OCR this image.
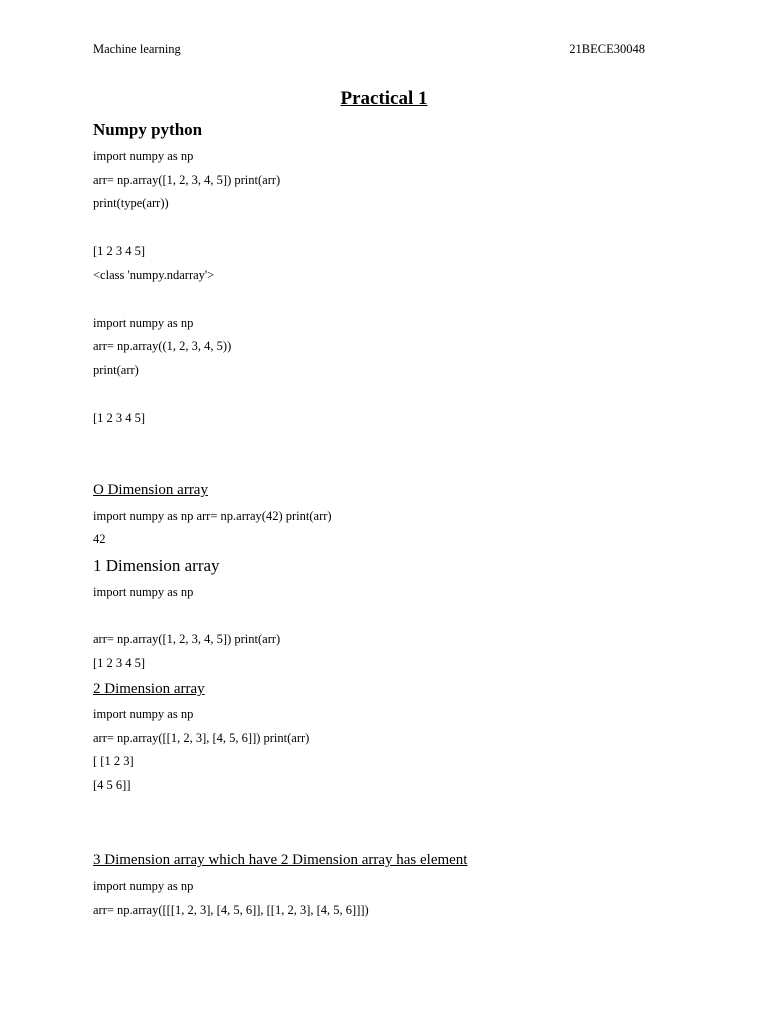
Machine learning	21BECE30048
Practical 1
Numpy python
import numpy as np
arr= np.array([1, 2, 3, 4, 5]) print(arr)
print(type(arr))
[1 2 3 4 5]
<class 'numpy.ndarray'>
import numpy as np
arr= np.array((1, 2, 3, 4, 5))
print(arr)
[1 2 3 4 5]
O Dimension array
import numpy as np arr= np.array(42) print(arr)
42
1 Dimension array
import numpy as np
arr= np.array([1, 2, 3, 4, 5]) print(arr)
[1 2 3 4 5]
2 Dimension array
import numpy as np
arr= np.array([[1, 2, 3], [4, 5, 6]]) print(arr)
[ [1 2 3]
[4 5 6]]
3 Dimension array which have 2 Dimension array has element
import numpy as np
arr= np.array([[[1, 2, 3], [4, 5, 6]], [[1, 2, 3], [4, 5, 6]]])
